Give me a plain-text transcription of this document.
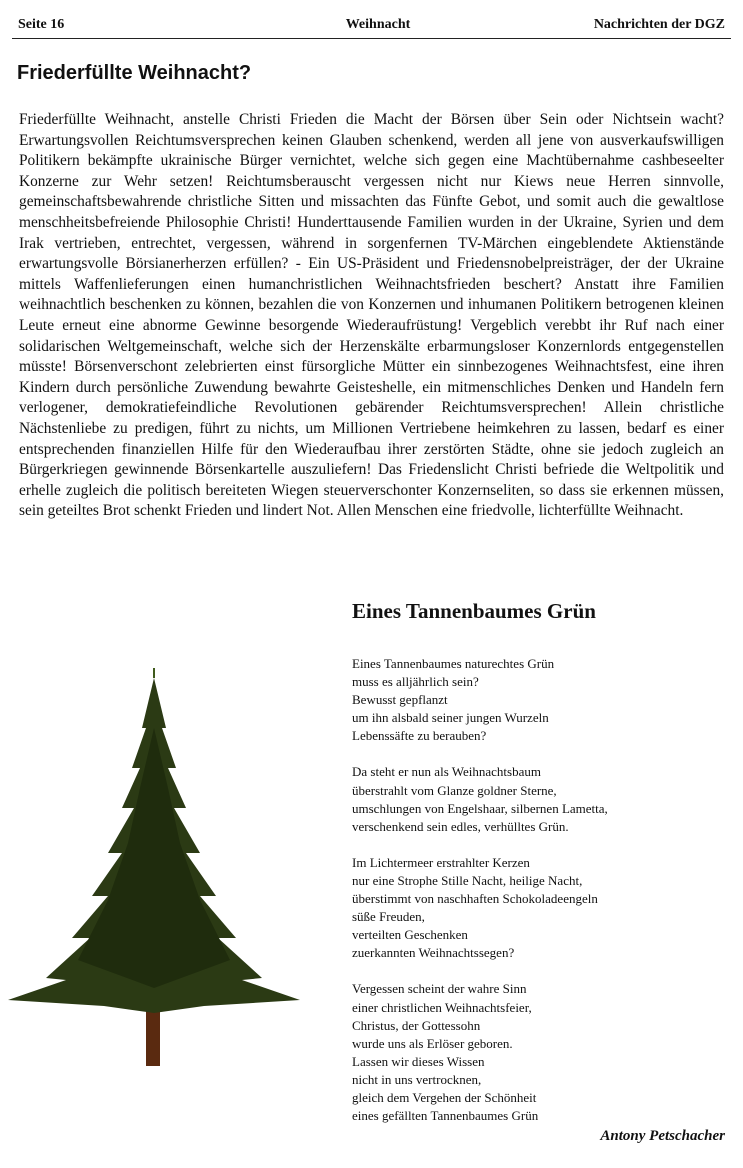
Seite 16	Weihnacht	Nachrichten der DGZ
Friederfüllte Weihnacht?

Friederfüllte Weihnacht, anstelle Christi Frieden die Macht der Börsen über Sein oder Nichtsein wacht? Erwartungsvollen Reichtumsversprechen keinen Glauben schenkend, werden all jene von ausverkaufswilligen Politikern bekämpfte ukrainische Bürger vernichtet, welche sich gegen eine Machtübernahme cashbeseelter Konzerne zur Wehr setzen! Reichtumsberauscht vergessen nicht nur Kiews neue Herren sinnvolle, gemeinschaftsbewahrende christliche Sitten und missachten das Fünfte Gebot, und somit auch die gewaltlose menschheitsbefreiende Philosophie Christi! Hunderttausende Familien wurden in der Ukraine, Syrien und dem Irak vertrieben, entrechtet, vergessen, während in sorgenfernen TV-Märchen eingeblendete Aktienstände erwartungsvolle Börsianerherzen erfüllen? - Ein US-Präsident und Friedensnobelpreisträger, der der Ukraine mittels Waffenlieferungen einen humanchristlichen Weihnachtsfrieden beschert? Anstatt ihre Familien weihnachtlich beschenken zu können, bezahlen die von Konzernen und inhumanen Politikern betrogenen kleinen Leute erneut eine abnorme Gewinne besorgende Wiederaufrüstung! Vergeblich verebbt ihr Ruf nach einer solidarischen Weltgemeinschaft, welche sich der Herzenskälte erbarmungsloser Konzernlords entgegenstellen müsste! Börsenverschont zelebrierten einst fürsorgliche Mütter ein sinnbezogenes Weihnachtsfest, eine ihren Kindern durch persönliche Zuwendung bewahrte Geisteshelle, ein mitmenschliches Denken und Handeln fern verlogener, demokratiefeindliche Revolutionen gebärender Reichtumsversprechen! Allein christliche Nächstenliebe zu predigen, führt zu nichts, um Millionen Vertriebene heimkehren zu lassen, bedarf es einer entsprechenden finanziellen Hilfe für den Wiederaufbau ihrer zerstörten Städte, ohne sie jedoch zugleich an Bürgerkriegen gewinnende Börsenkartelle auszuliefern! Das Friedenslicht Christi befriede die Weltpolitik und erhelle zugleich die politisch bereiteten Wiegen steuerverschonter Konzernseliten, so dass sie erkennen müssen, sein geteiltes Brot schenkt Frieden und lindert Not. Allen Menschen eine friedvolle, lichterfüllte Weihnacht.

Eines Tannenbaumes Grün
Eines Tannenbaumes naturechtes Grün
muss es alljährlich sein?
Bewusst gepflanzt
um ihn alsbald seiner jungen Wurzeln
Lebenssäfte zu berauben?
Da steht er nun als Weihnachtsbaum
überstrahlt vom Glanze goldner Sterne,
umschlungen von Engelshaar, silbernen Lametta,
verschenkend sein edles, verhülltes Grün.
Im Lichtermeer erstrahlter Kerzen
nur eine Strophe Stille Nacht, heilige Nacht,
überstimmt von naschhaften Schokoladeengeln
süße Freuden,
verteilten Geschenken
zuerkannten Weihnachtssegen?
Vergessen scheint der wahre Sinn
einer christlichen Weihnachtsfeier,
Christus, der Gottessohn
wurde uns als Erlöser geboren.
Lassen wir dieses Wissen
nicht in uns vertrocknen,
gleich dem Vergehen der Schönheit
eines gefällten Tannenbaumes Grün
Antony Petschacher
